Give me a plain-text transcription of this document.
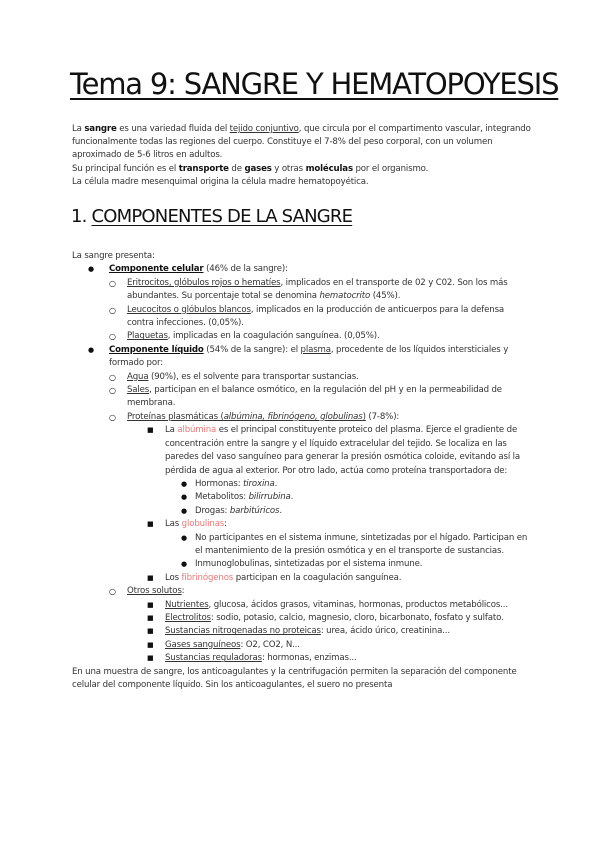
Tema 9: SANGRE Y HEMATOPOYESIS

La sangre es una variedad fluida del tejido conjuntivo, que circula por el compartimento vascular, integrando funcionalmente todas las regiones del cuerpo. Constituye el 7-8% del peso corporal, con un volumen aproximado de 5-6 litros en adultos.

Su principal función es el transporte de gases y otras moléculas por el organismo.

La célula madre mesenquimal origina la célula madre hematopoyética.

1. COMPONENTES DE LA SANGRE

La sangre presenta:

● Componente celular (46% de la sangre):
○ Eritrocitos, glóbulos rojos o hematíes, implicados en el transporte de 02 y C02. Son los más abundantes. Su porcentaje total se denomina hematocrito (45%).
○ Leucocitos o glóbulos blancos, implicados en la producción de anticuerpos para la defensa contra infecciones. (0,05%).
○ Plaquetas, implicadas en la coagulación sanguínea. (0,05%).
● Componente líquido (54% de la sangre): el plasma, procedente de los líquidos intersticiales y formado por:
○ Agua (90%), es el solvente para transportar sustancias.
○ Sales, participan en el balance osmótico, en la regulación del pH y en la permeabilidad de membrana.
○ Proteínas plasmáticas (albúmina, fibrinógeno, globulinas) (7-8%):
■ La albúmina es el principal constituyente proteico del plasma. Ejerce el gradiente de concentración entre la sangre y el líquido extracelular del tejido. Se localiza en las paredes del vaso sanguíneo para generar la presión osmótica coloide, evitando así la pérdida de agua al exterior. Por otro lado, actúa como proteína transportadora de:
● Hormonas: tiroxina.
● Metabolitos: bilirrubina.
● Drogas: barbitúricos.
■ Las globulinas:
● No participantes en el sistema inmune, sintetizadas por el hígado. Participan en el mantenimiento de la presión osmótica y en el transporte de sustancias.
● Inmunoglobulinas, sintetizadas por el sistema inmune.
■ Los fibrinógenos participan en la coagulación sanguínea.
○ Otros solutos:
■ Nutrientes, glucosa, ácidos grasos, vitaminas, hormonas, productos metabólicos...
■ Electrolitos: sodio, potasio, calcio, magnesio, cloro, bicarbonato, fosfato y sulfato.
■ Sustancias nitrogenadas no proteicas: urea, ácido úrico, creatinina...
■ Gases sanguíneos: O2, CO2, N...
■ Sustancias reguladoras: hormonas, enzimas...

En una muestra de sangre, los anticoagulantes y la centrifugación permiten la separación del componente celular del componente líquido. Sin los anticoagulantes, el suero no presenta
